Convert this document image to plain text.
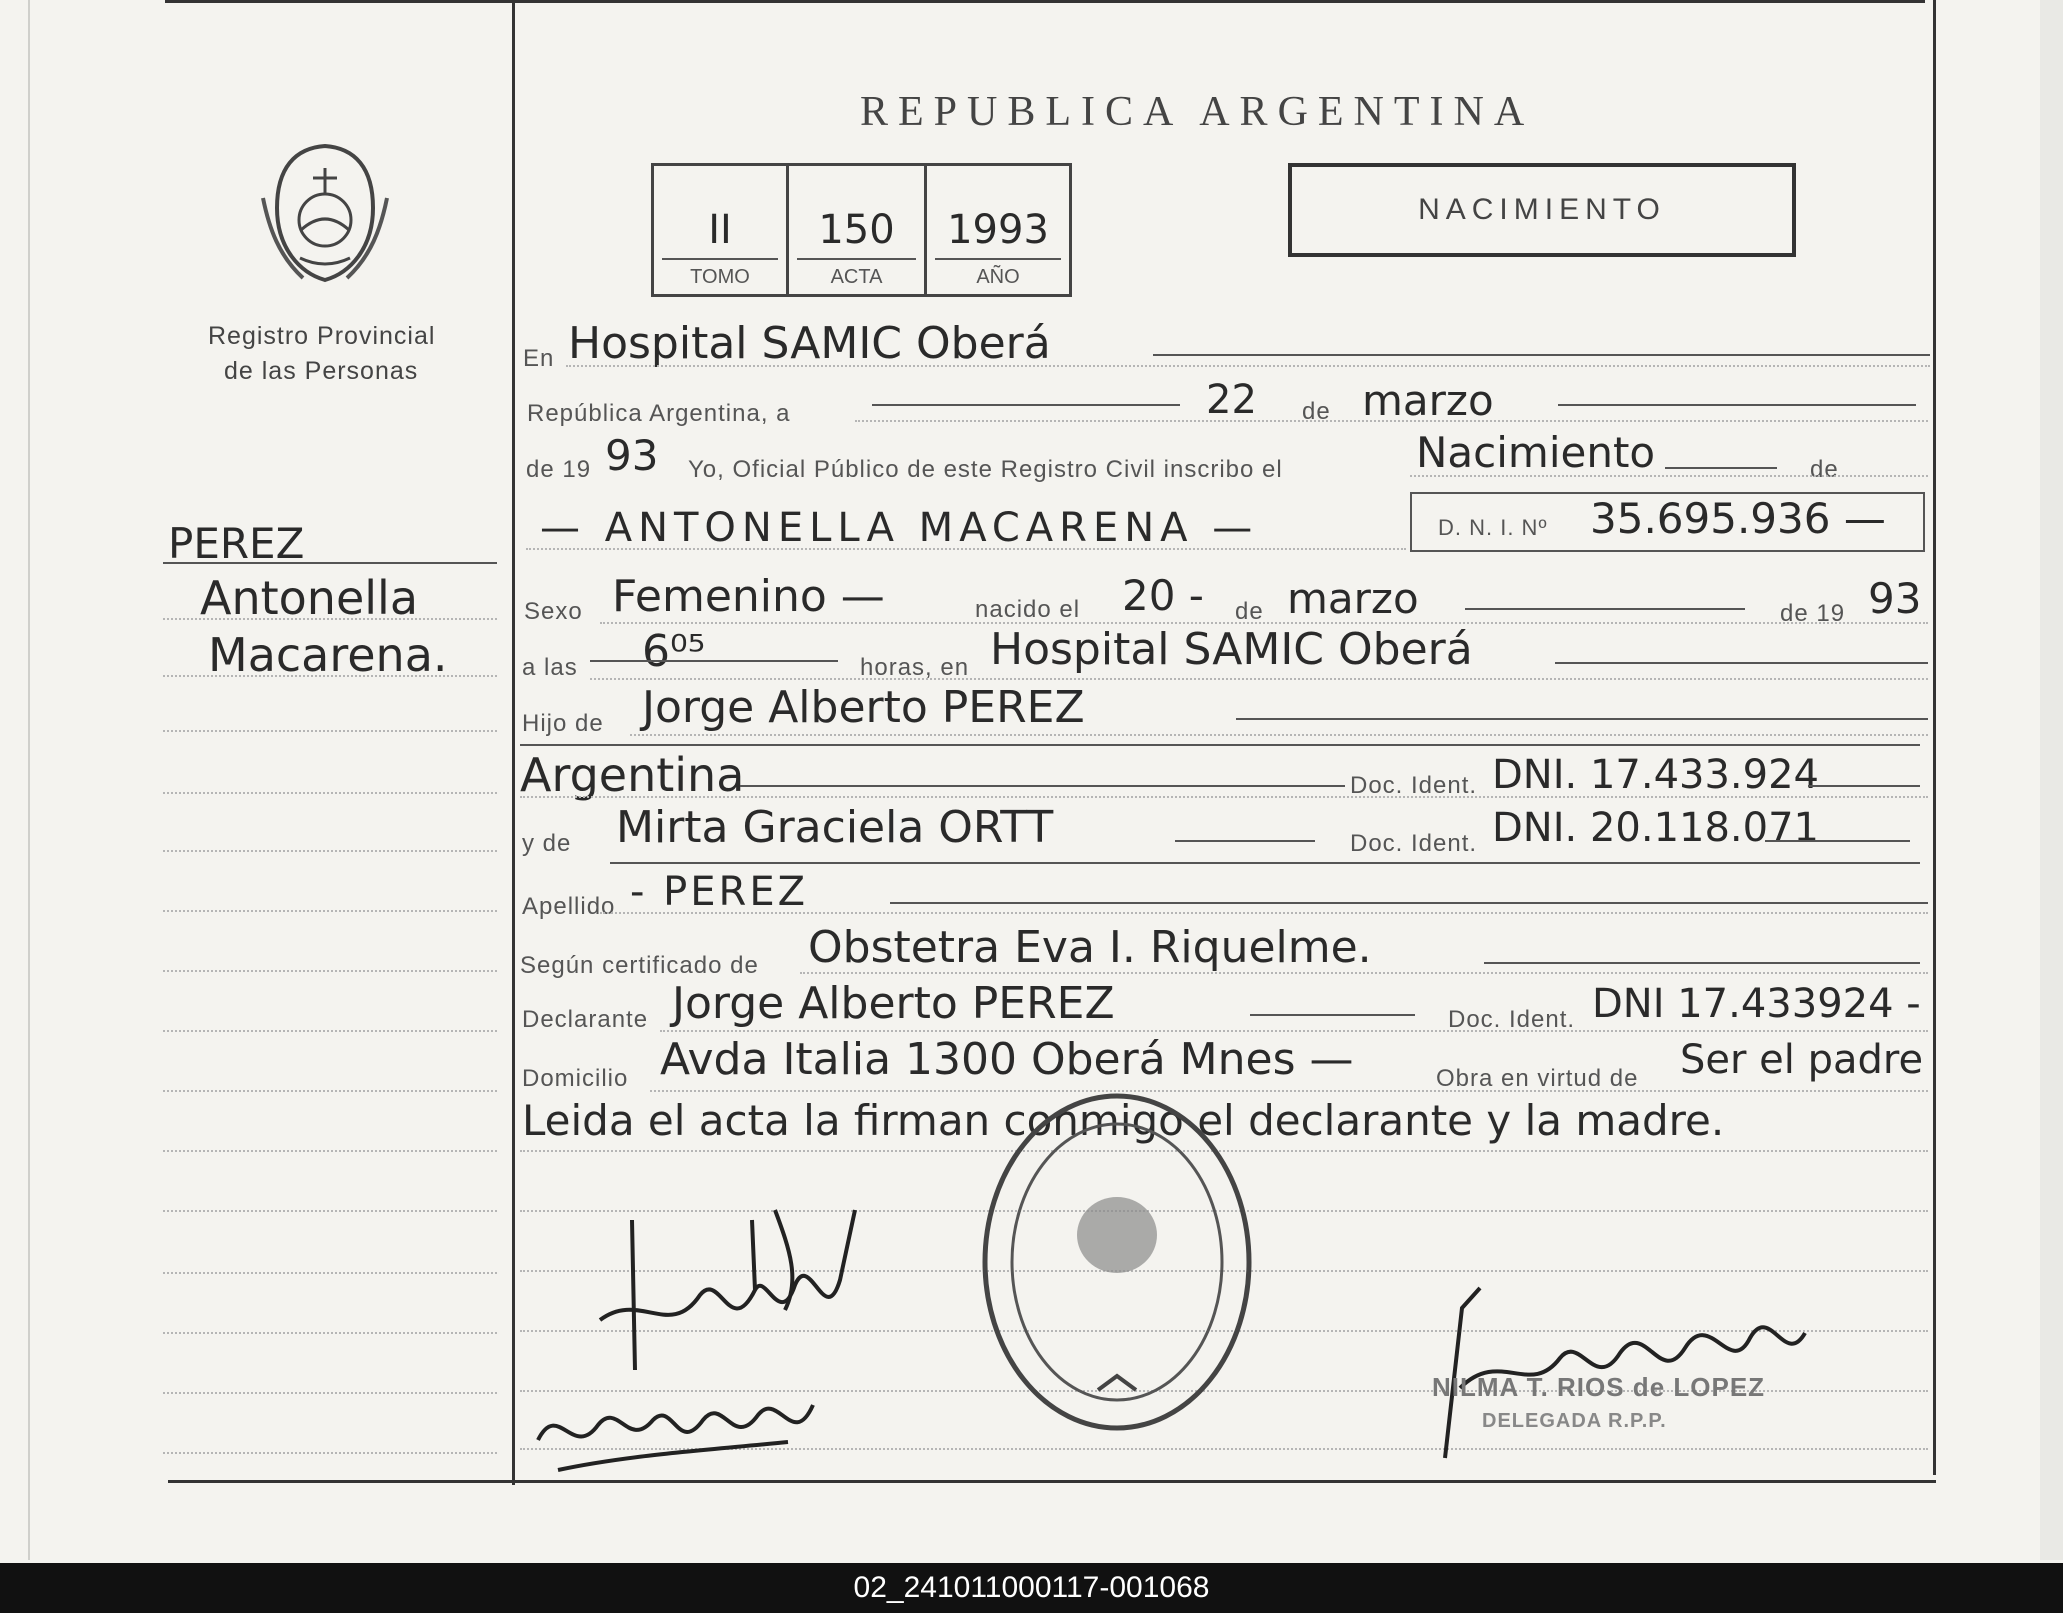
REPUBLICA ARGENTINA
NACIMIENTO
II
TOMO
150
ACTA
1993
AÑO
Registro Provincial
de las Personas
PEREZ
Antonella
Macarena.
En Hospital SAMIC Oberá
República Argentina, a	22 de marzo
de 19 93 Yo, Oficial Público de este Registro Civil inscribo el	Nacimiento	de
— ANTONELLA MACARENA —	D. N. I. Nº 35.695.936 —
Sexo Femenino —	nacido el 20 - de marzo	de 19 93
a las 6⁰⁵	horas, en Hospital SAMIC Oberá
Hijo de Jorge Alberto PEREZ
Argentina	Doc. Ident. DNI. 17.433.924
y de Mirta Graciela ORTT	Doc. Ident. DNI. 20.118.071
Apellido - PEREZ
Según certificado de Obstetra Eva I. Riquelme.
Declarante Jorge Alberto PEREZ	Doc. Ident. DNI 17.433924 -
Domicilio Avda Italia 1300 Oberá Mnes —	Obra en virtud de Ser el padre
Leida el acta la firman conmigo el declarante y la madre.
NILMA T. RIOS de LOPEZ
DELEGADA R.P.P.
02_241011000117-001068
